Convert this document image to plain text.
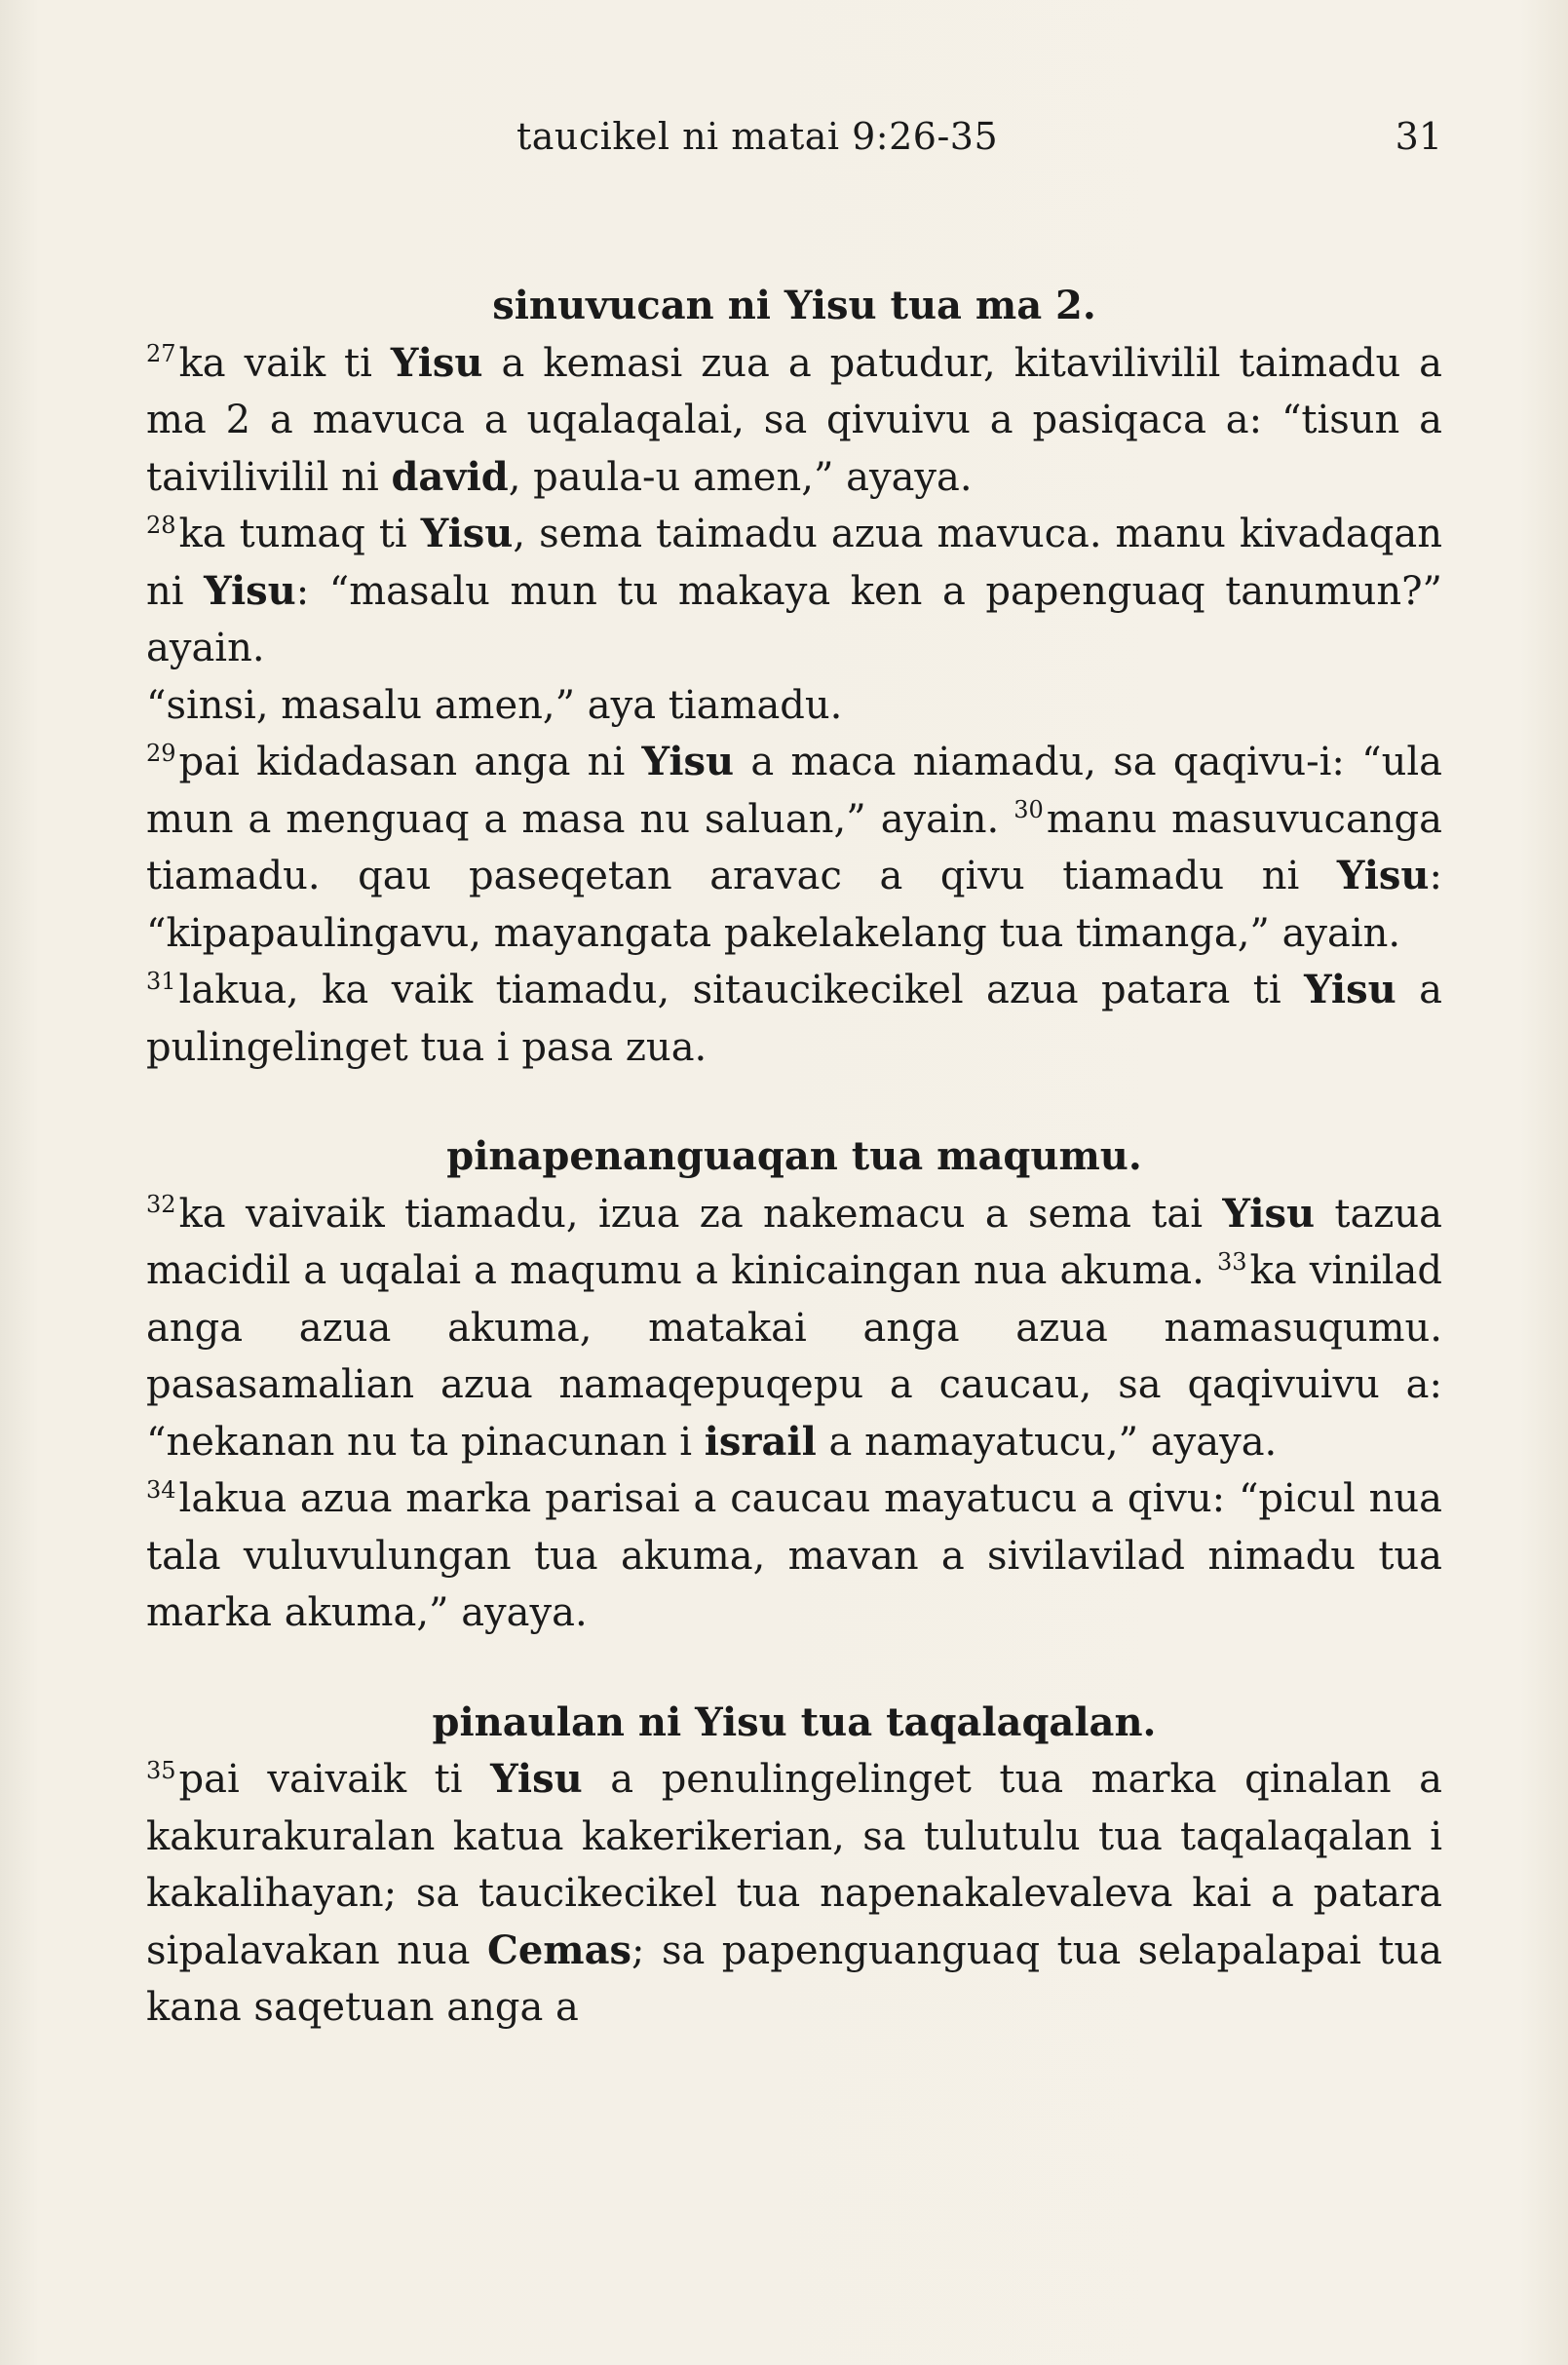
taucikel ni matai 9:26-35	31

sinuvucan ni Yisu tua ma 2.

$^{27}$ka vaik ti Yisu a kemasi zua a patudur, kitavilivilil taimadu a ma 2 a mavuca a uqalaqalai, sa qivuivu a pasiqaca a: “tisun a taivilivilil ni david, paula-u amen,” ayaya.

$^{28}$ka tumaq ti Yisu, sema taimadu azua mavuca. manu kivadaqan ni Yisu: “masalu mun tu makaya ken a papenguaq tanumun?” ayain.

“sinsi, masalu amen,” aya tiamadu.

$^{29}$pai kidadasan anga ni Yisu a maca niamadu, sa qaqivu-i: “ula mun a menguaq a masa nu saluan,” ayain. $^{30}$manu masuvucanga tiamadu. qau paseqetan aravac a qivu tiamadu ni Yisu: “kipapaulingavu, mayangata pakelakelang tua timanga,” ayain.

$^{31}$lakua, ka vaik tiamadu, sitaucikecikel azua patara ti Yisu a pulingelinget tua i pasa zua.

pinapenanguaqan tua maqumu.

$^{32}$ka vaivaik tiamadu, izua za nakemacu a sema tai Yisu tazua macidil a uqalai a maqumu a kinicaingan nua akuma. $^{33}$ka vinilad anga azua akuma, matakai anga azua namasuqumu. pasasamalian azua namaqepuqepu a caucau, sa qaqivuivu a: “nekanan nu ta pinacunan i israil a namayatucu,” ayaya.

$^{34}$lakua azua marka parisai a caucau mayatucu a qivu: “picul nua tala vuluvulungan tua akuma, mavan a sivilavilad nimadu tua marka akuma,” ayaya.

pinaulan ni Yisu tua taqalaqalan.

$^{35}$pai vaivaik ti Yisu a penulingelinget tua marka qinalan a kakurakuralan katua kakerikerian, sa tulutulu tua taqalaqalan i kakalihayan; sa taucikecikel tua napenakalevaleva kai a patara sipalavakan nua Cemas; sa papenguanguaq tua selapalapai tua kana saqetuan anga a
